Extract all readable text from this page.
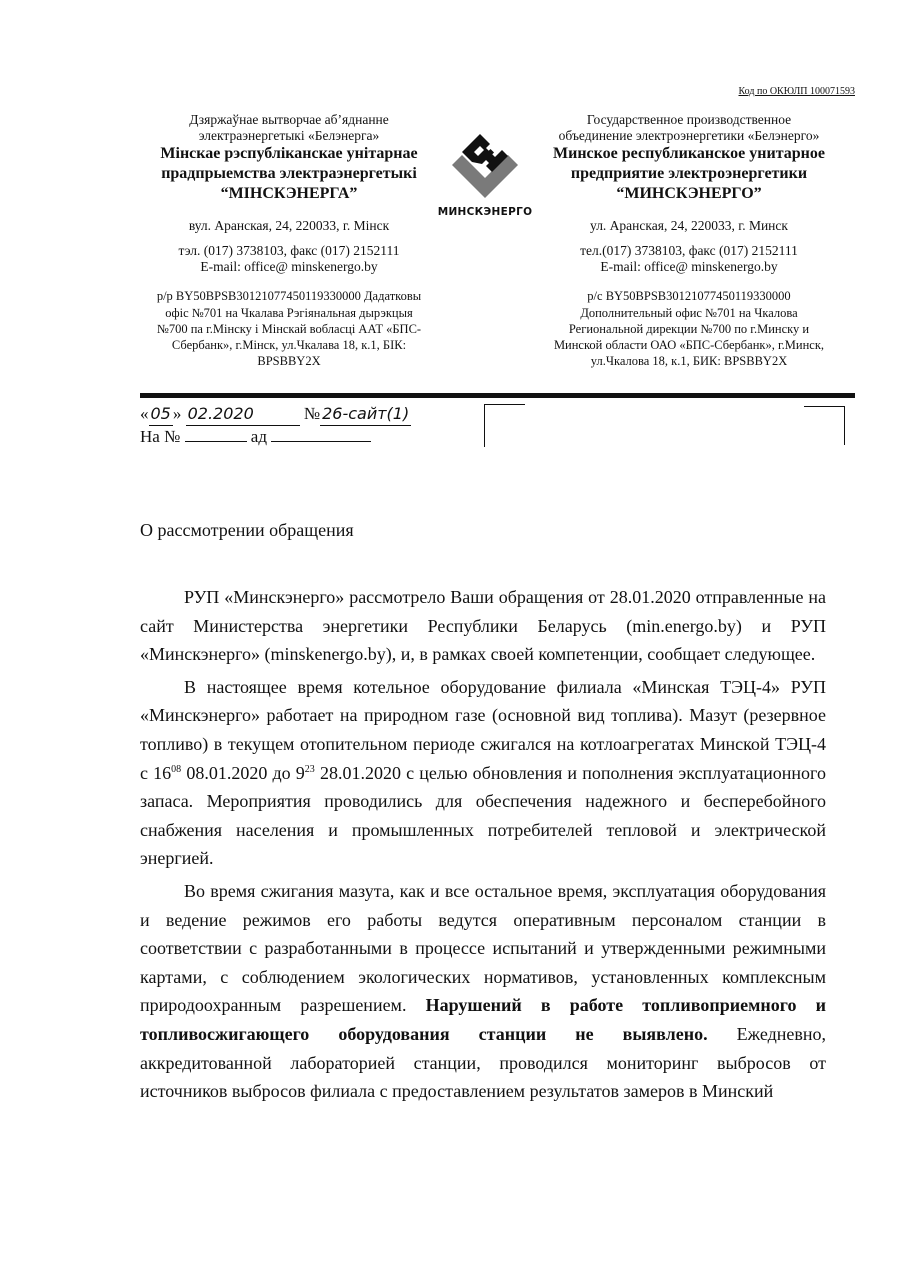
Код по ОКЮЛП 100071593
Дзяржаўнае вытворчае аб’яднанне
электраэнергетыкі «Белэнерга»
Мінскае рэспубліканскае унітарнае
прадпрыемства электраэнергетыкі
“МІНСКЭНЕРГА”
вул. Аранская, 24, 220033, г. Мінск
тэл. (017) 3738103, факс (017) 2152111
E-mail: office@ minskenergo.by
р/р BY50BPSB30121077450119330000 Дадатковы
офіс №701 на Чкалава Рэгіянальная дырэкцыя
№700 па г.Мінску і Мінскай вобласці ААТ «БПС-
Сбербанк», г.Мінск, ул.Чкалава 18, к.1, БІК:
BPSBBY2X
МИНСКЭНЕРГО
Государственное производственное
объединение электроэнергетики «Белэнерго»
Минское республиканское унитарное
предприятие электроэнергетики
“МИНСКЭНЕРГО”
ул. Аранская, 24, 220033, г. Минск
тел.(017) 3738103, факс (017) 2152111
E-mail: office@ minskenergo.by
р/с BY50BPSB30121077450119330000
Дополнительный офис №701 на Чкалова
Региональной дирекции №700 по г.Минску и
Минской области ОАО «БПС-Сбербанк», г.Минск,
ул.Чкалова 18, к.1, БИК: BPSBBY2X
« 05 » 02.2020	№ 26-сайт(1)
На №	ад
О рассмотрении обращения

РУП «Минскэнерго» рассмотрело Ваши обращения от 28.01.2020 отправленные на сайт Министерства энергетики Республики Беларусь (min.energo.by) и РУП «Минскэнерго» (minskenergo.by), и, в рамках своей компетенции, сообщает следующее.

В настоящее время котельное оборудование филиала «Минская ТЭЦ-4» РУП «Минскэнерго» работает на природном газе (основной вид топлива). Мазут (резервное топливо) в текущем отопительном периоде сжигался на котлоагрегатах Минской ТЭЦ-4 с $16^{08}$ 08.01.2020 до $9^{23}$ 28.01.2020 с целью обновления и пополнения эксплуатационного запаса. Мероприятия проводились для обеспечения надежного и бесперебойного снабжения населения и промышленных потребителей тепловой и электрической энергией.

Во время сжигания мазута, как и все остальное время, эксплуатация оборудования и ведение режимов его работы ведутся оперативным персоналом станции в соответствии с разработанными в процессе испытаний и утвержденными режимными картами, с соблюдением экологических нормативов, установленных комплексным природоохранным разрешением. Нарушений в работе топливоприемного и топливосжигающего оборудования станции не выявлено. Ежедневно, аккредитованной лабораторией станции, проводился мониторинг выбросов от источников выбросов филиала с предоставлением результатов замеров в Минский
